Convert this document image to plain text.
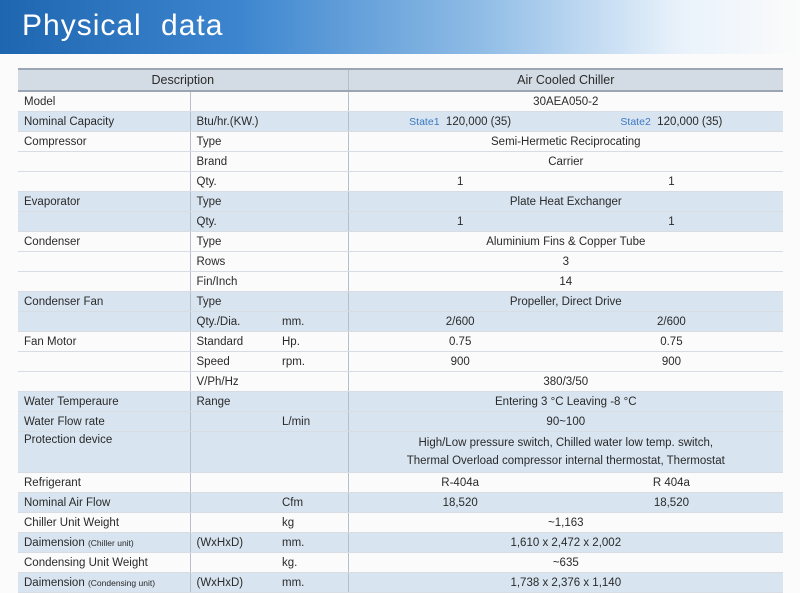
Physical data
Description			Air Cooled Chiller
Model			30AEA050-2
Nominal Capacity	Btu/hr.(KW.)		State1 120,000 (35) State2 120,000 (35)

Compressor	Type		Semi-Hermetic Reciprocating
	Brand		Carrier
	Qty.		1 1

Evaporator	Type		Plate Heat Exchanger
	Qty.		1 1

Condenser	Type		Aluminium Fins & Copper Tube
	Rows		3
	Fin/Inch		14
Condenser Fan	Type		Propeller, Direct Drive
	Qty./Dia.	mm.	2/600 2/600

Fan Motor	Standard	Hp.	0.75 0.75

	Speed	rpm.	900 900

	V/Ph/Hz		380/3/50
Water Temperaure	Range		Entering 3 °C Leaving -8 °C
Water Flow rate		L/min	90~100
Protection device			High/Low pressure switch, Chilled water low temp. switch,
Thermal Overload compressor internal thermostat, Thermostat

Refrigerant			R-404a R 404a

Nominal Air Flow		Cfm	18,520 18,520

Chiller Unit Weight		kg	~1,163
Daimension (Chiller unit)	(WxHxD)	mm.	1,610 x 2,472 x 2,002
Condensing Unit Weight		kg.	~635
Daimension (Condensing unit)	(WxHxD)	mm.	1,738 x 2,376 x 1,140
